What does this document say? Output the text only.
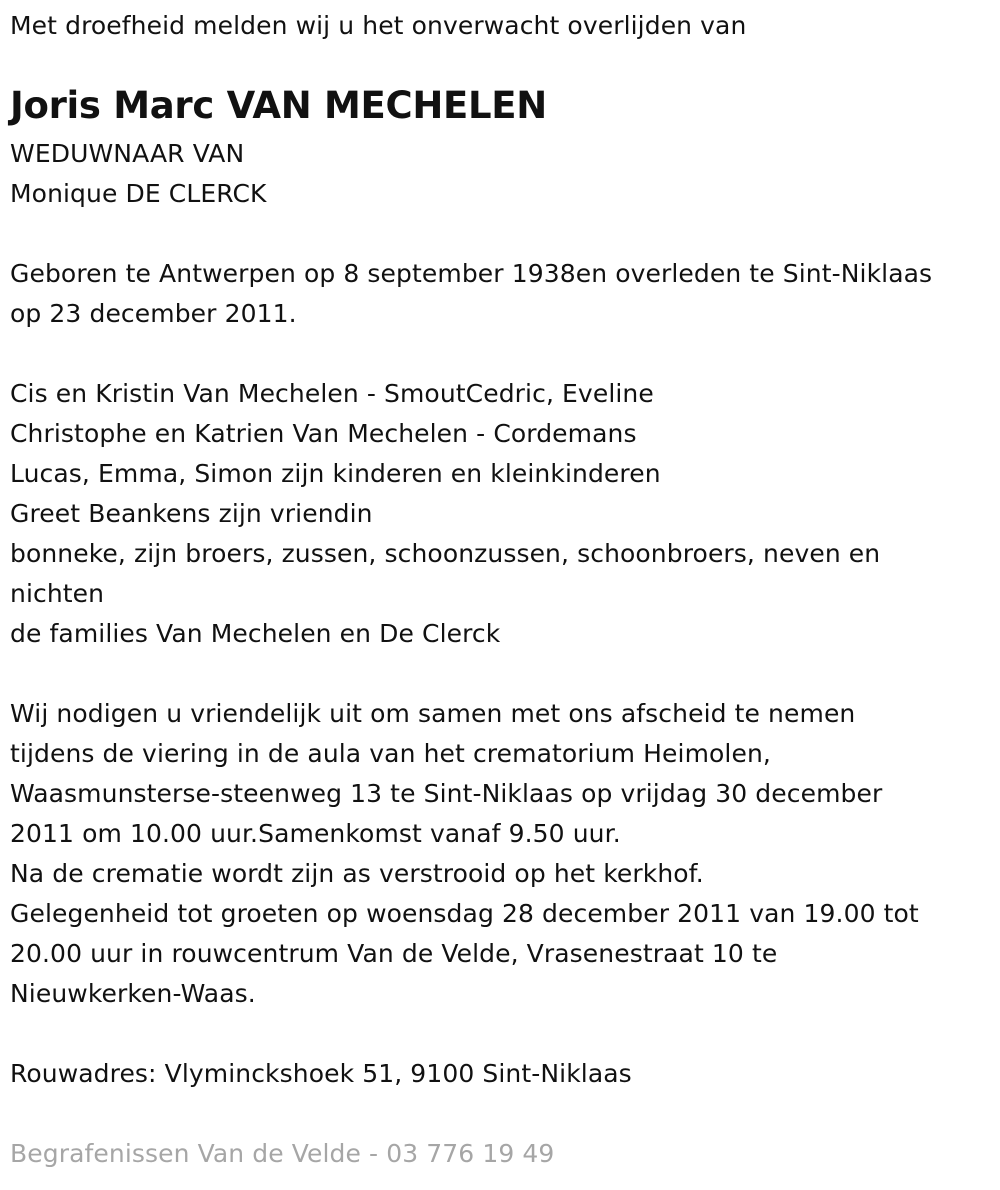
Met droefheid melden wij u het onverwacht overlijden van
Joris Marc VAN MECHELEN
WEDUWNAAR VAN
Monique DE CLERCK
Geboren te Antwerpen op 8 september 1938en overleden te Sint-Niklaas
op 23 december 2011.
Cis en Kristin Van Mechelen - SmoutCedric, Eveline
Christophe en Katrien Van Mechelen - Cordemans
Lucas, Emma, Simon zijn kinderen en kleinkinderen
Greet Beankens zijn vriendin
bonneke, zijn broers, zussen, schoonzussen, schoonbroers, neven en
nichten
de families Van Mechelen en De Clerck
Wij nodigen u vriendelijk uit om samen met ons afscheid te nemen
tijdens de viering in de aula van het crematorium Heimolen,
Waasmunsterse-steenweg 13 te Sint-Niklaas op vrijdag 30 december
2011 om 10.00 uur.Samenkomst vanaf 9.50 uur.
Na de crematie wordt zijn as verstrooid op het kerkhof.
Gelegenheid tot groeten op woensdag 28 december 2011 van 19.00 tot
20.00 uur in rouwcentrum Van de Velde, Vrasenestraat 10 te
Nieuwkerken-Waas.
Rouwadres: Vlyminckshoek 51, 9100 Sint-Niklaas
Begrafenissen Van de Velde - 03 776 19 49
